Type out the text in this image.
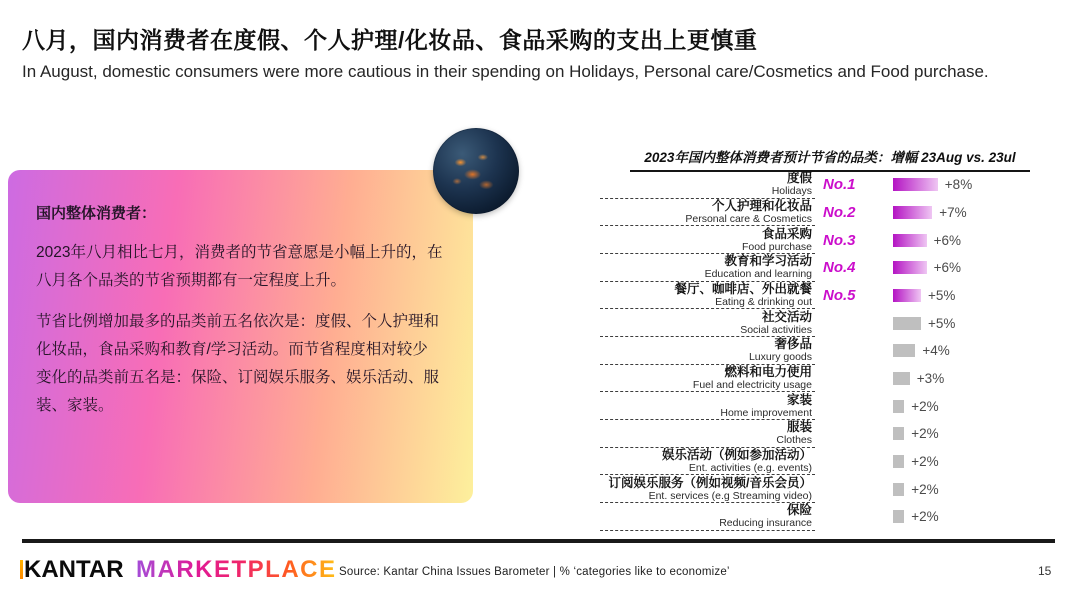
八月，国内消费者在度假、个人护理/化妆品、食品采购的支出上更慎重

In August, domestic consumers were more cautious in their spending on Holidays, Personal care/Cosmetics and Food purchase.

国内整体消费者：

2023年八月相比七月，消费者的节省意愿是小幅上升的，在八月各个品类的节省预期都有一定程度上升。

节省比例增加最多的品类前五名依次是：度假、个人护理和化妆品，食品采购和教育/学习活动。而节省程度相对较少变化的品类前五名是：保险、订阅娱乐服务、娱乐活动、服装、家装。

2023年国内整体消费者预计节省的品类：增幅 23Aug vs. 23ul
度假
Holidays No.1	+8%
个人护理和化妆品
Personal care & Cosmetics No.2	+7%
食品采购
Food purchase No.3	+6%
教育和学习活动
Education and learning No.4	+6%
餐厅、咖啡店、外出就餐
Eating & drinking out No.5	+5%
社交活动
Social activities	+5%
奢侈品
Luxury goods	+4%
燃料和电力使用
Fuel and electricity usage	+3%
家装
Home improvement	+2%
服装
Clothes	+2%
娱乐活动（例如参加活动）
Ent. activities (e.g. events)	+2%
订阅娱乐服务（例如视频/音乐会员）
Ent. services (e.g Streaming video)	+2%
保险
Reducing insurance	+2%
KANTAR MARKETPLACE Source: Kantar China Issues Barometer | % ‘categories like to economize’	15
